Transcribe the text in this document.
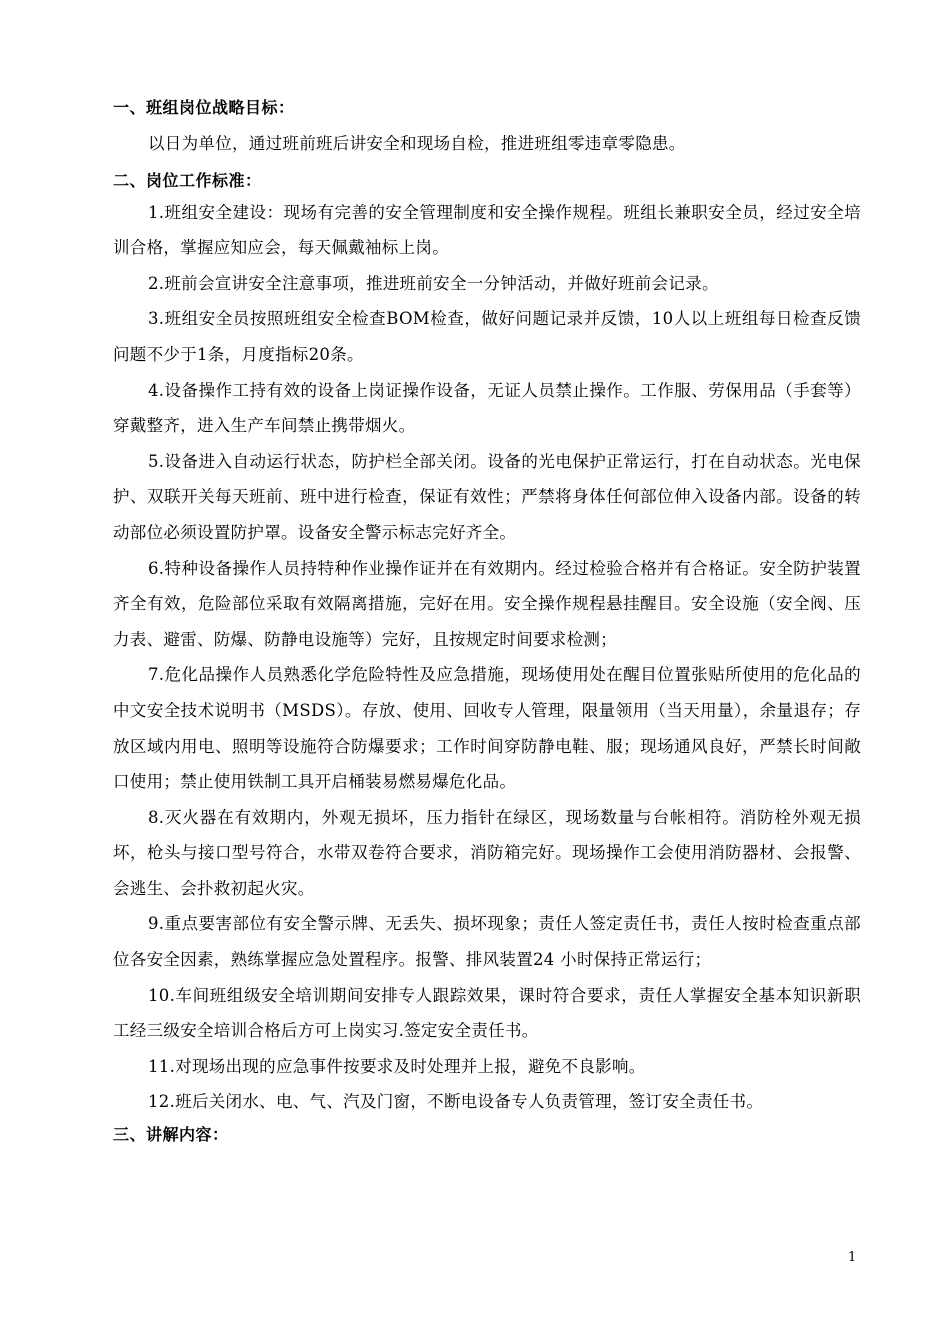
一、班组岗位战略目标：

以日为单位，通过班前班后讲安全和现场自检，推进班组零违章零隐患。

二、岗位工作标准：

1.班组安全建设：现场有完善的安全管理制度和安全操作规程。班组长兼职安全员，经过安全培训合格，掌握应知应会，每天佩戴袖标上岗。

2.班前会宣讲安全注意事项，推进班前安全一分钟活动，并做好班前会记录。

3.班组安全员按照班组安全检查BOM检查，做好问题记录并反馈，10人以上班组每日检查反馈问题不少于1条，月度指标20条。

4.设备操作工持有效的设备上岗证操作设备，无证人员禁止操作。工作服、劳保用品（手套等）穿戴整齐，进入生产车间禁止携带烟火。

5.设备进入自动运行状态，防护栏全部关闭。设备的光电保护正常运行，打在自动状态。光电保护、双联开关每天班前、班中进行检查，保证有效性；严禁将身体任何部位伸入设备内部。设备的转动部位必须设置防护罩。设备安全警示标志完好齐全。

6.特种设备操作人员持特种作业操作证并在有效期内。经过检验合格并有合格证。安全防护装置齐全有效，危险部位采取有效隔离措施，完好在用。安全操作规程悬挂醒目。安全设施（安全阀、压力表、避雷、防爆、防静电设施等）完好，且按规定时间要求检测；

7.危化品操作人员熟悉化学危险特性及应急措施，现场使用处在醒目位置张贴所使用的危化品的中文安全技术说明书（MSDS）。存放、使用、回收专人管理，限量领用（当天用量），余量退存；存放区域内用电、照明等设施符合防爆要求；工作时间穿防静电鞋、服；现场通风良好，严禁长时间敞口使用；禁止使用铁制工具开启桶装易燃易爆危化品。

8.灭火器在有效期内，外观无损坏，压力指针在绿区，现场数量与台帐相符。消防栓外观无损坏，枪头与接口型号符合，水带双卷符合要求，消防箱完好。现场操作工会使用消防器材、会报警、会逃生、会扑救初起火灾。

9.重点要害部位有安全警示牌、无丢失、损坏现象；责任人签定责任书，责任人按时检查重点部位各安全因素，熟练掌握应急处置程序。报警、排风装置24 小时保持正常运行；

10.车间班组级安全培训期间安排专人跟踪效果，课时符合要求，责任人掌握安全基本知识新职工经三级安全培训合格后方可上岗实习.签定安全责任书。

11.对现场出现的应急事件按要求及时处理并上报，避免不良影响。

12.班后关闭水、电、气、汽及门窗，不断电设备专人负责管理，签订安全责任书。

三、讲解内容：

1
